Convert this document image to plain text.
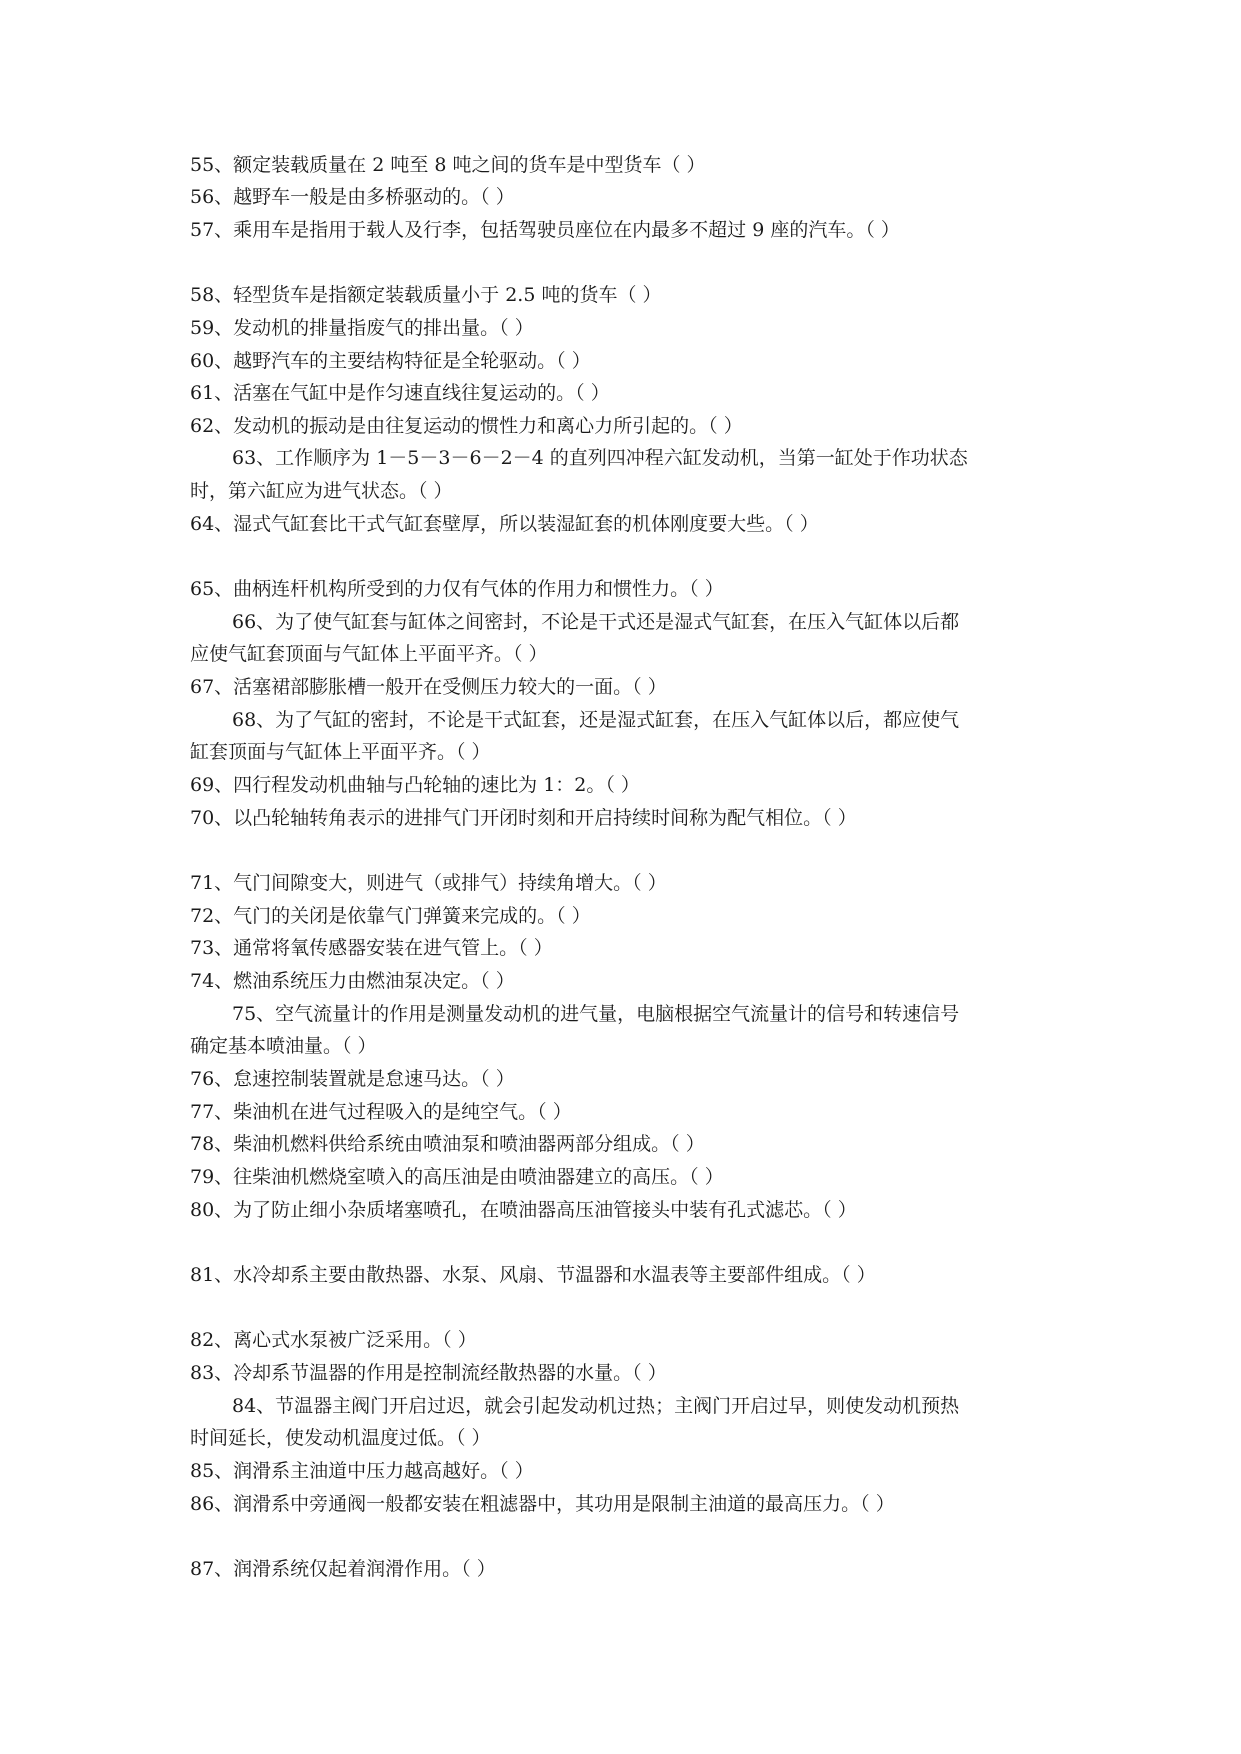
55、额定装载质量在 2 吨至 8 吨之间的货车是中型货车（ ）
56、越野车一般是由多桥驱动的。（ ）
57、乘用车是指用于载人及行李，包括驾驶员座位在内最多不超过 9 座的汽车。（ ）
58、轻型货车是指额定装载质量小于 2.5 吨的货车（ ）
59、发动机的排量指废气的排出量。（ ）
60、越野汽车的主要结构特征是全轮驱动。（ ）
61、活塞在气缸中是作匀速直线往复运动的。（ ）
62、发动机的振动是由往复运动的惯性力和离心力所引起的。（ ）
63、工作顺序为 1－5－3－6－2－4 的直列四冲程六缸发动机，当第一缸处于作功状态
时，第六缸应为进气状态。（ ）
64、湿式气缸套比干式气缸套壁厚，所以装湿缸套的机体刚度要大些。（ ）
65、曲柄连杆机构所受到的力仅有气体的作用力和惯性力。（ ）
66、为了使气缸套与缸体之间密封，不论是干式还是湿式气缸套，在压入气缸体以后都
应使气缸套顶面与气缸体上平面平齐。（ ）
67、活塞裙部膨胀槽一般开在受侧压力较大的一面。（ ）
68、为了气缸的密封，不论是干式缸套，还是湿式缸套，在压入气缸体以后，都应使气
缸套顶面与气缸体上平面平齐。（ ）
69、四行程发动机曲轴与凸轮轴的速比为 1：2。（ ）
70、以凸轮轴转角表示的进排气门开闭时刻和开启持续时间称为配气相位。（ ）
71、气门间隙变大，则进气（或排气）持续角增大。（ ）
72、气门的关闭是依靠气门弹簧来完成的。（ ）
73、通常将氧传感器安装在进气管上。（ ）
74、燃油系统压力由燃油泵决定。（ ）
75、空气流量计的作用是测量发动机的进气量，电脑根据空气流量计的信号和转速信号
确定基本喷油量。（ ）
76、怠速控制装置就是怠速马达。（ ）
77、柴油机在进气过程吸入的是纯空气。（ ）
78、柴油机燃料供给系统由喷油泵和喷油器两部分组成。（ ）
79、往柴油机燃烧室喷入的高压油是由喷油器建立的高压。（ ）
80、为了防止细小杂质堵塞喷孔，在喷油器高压油管接头中装有孔式滤芯。（ ）
81、水冷却系主要由散热器、水泵、风扇、节温器和水温表等主要部件组成。（ ）
82、离心式水泵被广泛采用。（ ）
83、冷却系节温器的作用是控制流经散热器的水量。（ ）
84、节温器主阀门开启过迟，就会引起发动机过热；主阀门开启过早，则使发动机预热
时间延长，使发动机温度过低。（ ）
85、润滑系主油道中压力越高越好。（ ）
86、润滑系中旁通阀一般都安装在粗滤器中，其功用是限制主油道的最高压力。（ ）
87、润滑系统仅起着润滑作用。（ ）
